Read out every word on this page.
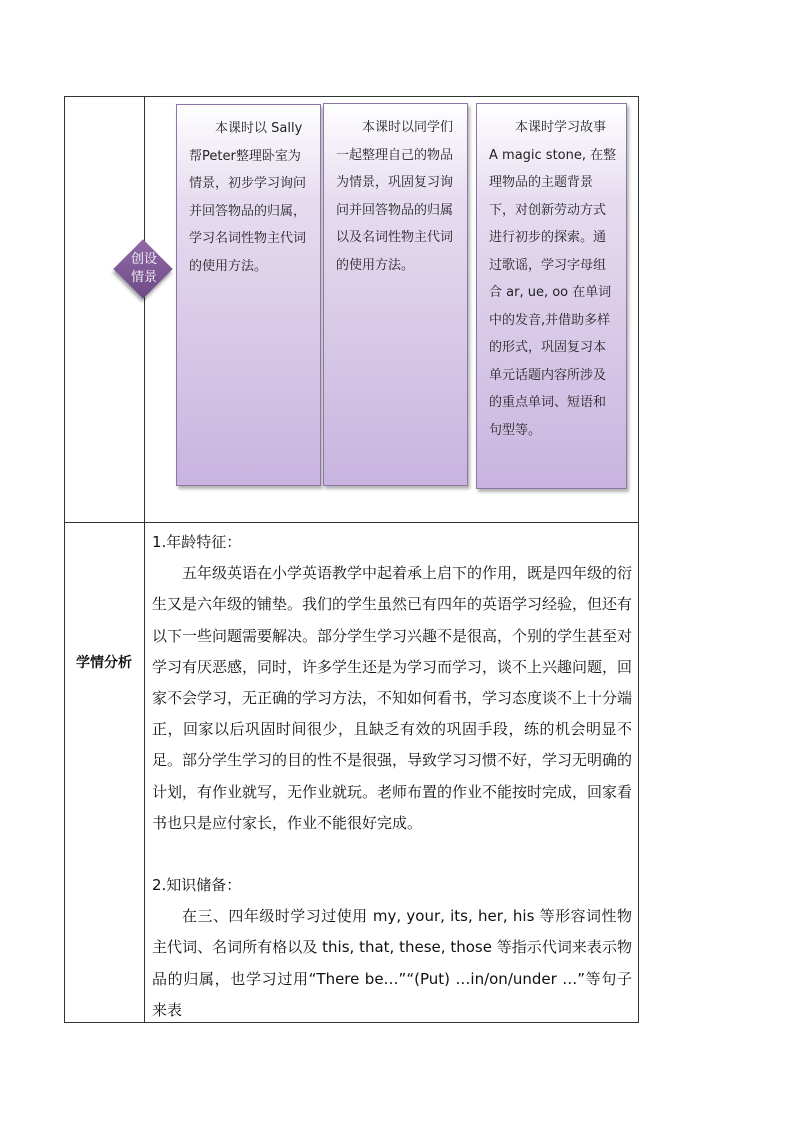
创设
情景

本课时以 Sally 帮Peter整理卧室为情景，初步学习询问并回答物品的归属，学习名词性物主代词的使用方法。

本课时以同学们一起整理自己的物品为情景，巩固复习询问并回答物品的归属以及名词性物主代词的使用方法。

本课时学习故事 A magic stone, 在整理物品的主题背景下，对创新劳动方式进行初步的探索。通过歌谣，学习字母组合 ar, ue, oo 在单词中的发音,并借助多样的形式，巩固复习本单元话题内容所涉及的重点单词、短语和句型等。

学情分析

1.年龄特征：

五年级英语在小学英语教学中起着承上启下的作用，既是四年级的衍生又是六年级的铺垫。我们的学生虽然已有四年的英语学习经验，但还有以下一些问题需要解决。部分学生学习兴趣不是很高，个别的学生甚至对学习有厌恶感，同时，许多学生还是为学习而学习，谈不上兴趣问题，回家不会学习，无正确的学习方法，不知如何看书，学习态度谈不上十分端正，回家以后巩固时间很少，且缺乏有效的巩固手段，练的机会明显不足。部分学生学习的目的性不是很强，导致学习习惯不好，学习无明确的计划，有作业就写，无作业就玩。老师布置的作业不能按时完成，回家看书也只是应付家长，作业不能很好完成。

2.知识储备：

在三、四年级时学习过使用 my, your, its, her, his 等形容词性物主代词、名词所有格以及 this, that, these, those 等指示代词来表示物品的归属，也学习过用“There be…”“(Put) …in/on/under …”等句子来表
